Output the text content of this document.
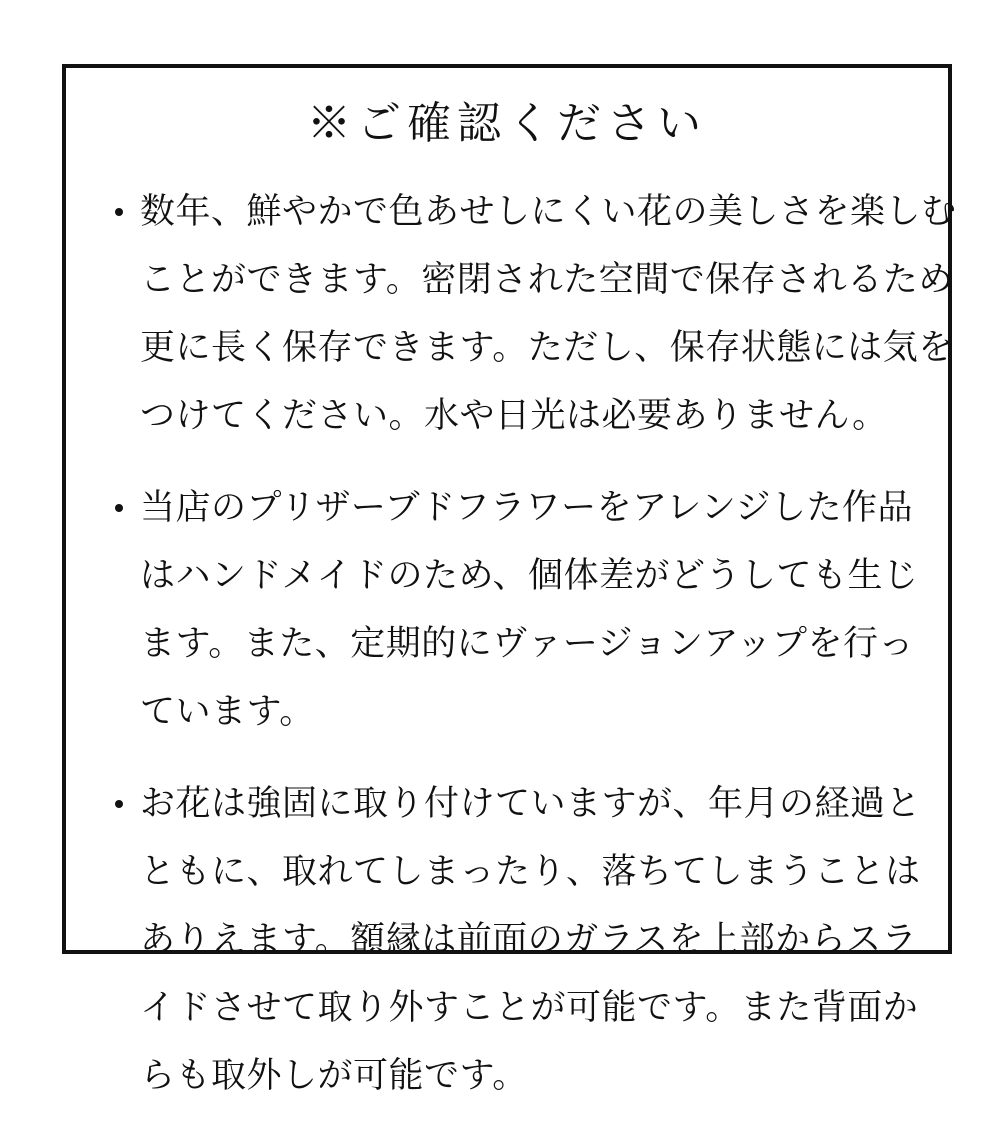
※ご確認ください
数年、鮮やかで色あせしにくい花の美しさを楽しむ
ことができます。密閉された空間で保存されるため
更に長く保存できます。ただし、保存状態には気を
つけてください。水や日光は必要ありません。
当店のプリザーブドフラワーをアレンジした作品
はハンドメイドのため、個体差がどうしても生じ
ます。また、定期的にヴァージョンアップを行っ
ています。
お花は強固に取り付けていますが、年月の経過と
ともに、取れてしまったり、落ちてしまうことは
ありえます。額縁は前面のガラスを上部からスラ
イドさせて取り外すことが可能です。また背面か
らも取外しが可能です。
